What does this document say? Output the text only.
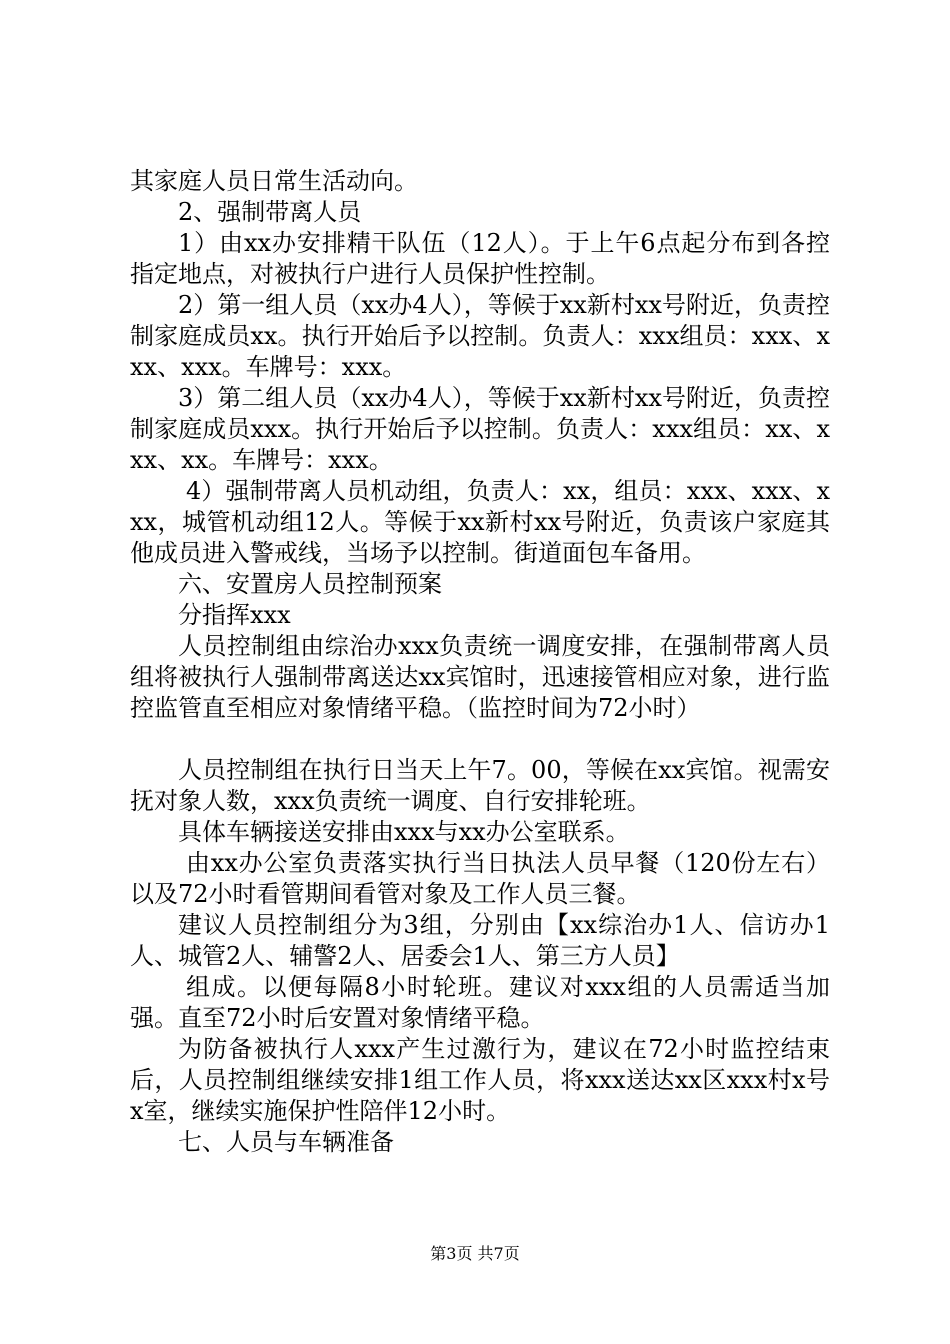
其家庭人员日常生活动向。

2、强制带离人员

1）由xx办安排精干队伍（12人）。于上午6点起分布到各控指定地点，对被执行户进行人员保护性控制。

2）第一组人员（xx办4人），等候于xx新村xx号附近，负责控制家庭成员xx。执行开始后予以控制。负责人：xxx组员：xxx、xxx、xxx。车牌号：xxx。

3）第二组人员（xx办4人），等候于xx新村xx号附近，负责控制家庭成员xxx。执行开始后予以控制。负责人：xxx组员：xx、xxx、xx。车牌号：xxx。

4）强制带离人员机动组，负责人：xx，组员：xxx、xxx、xxx，城管机动组12人。等候于xx新村xx号附近，负责该户家庭其他成员进入警戒线，当场予以控制。街道面包车备用。

六、安置房人员控制预案

分指挥xxx

人员控制组由综治办xxx负责统一调度安排，在强制带离人员组将被执行人强制带离送达xx宾馆时，迅速接管相应对象，进行监控监管直至相应对象情绪平稳。（监控时间为72小时）

人员控制组在执行日当天上午7。00，等候在xx宾馆。视需安抚对象人数，xxx负责统一调度、自行安排轮班。

具体车辆接送安排由xxx与xx办公室联系。

由xx办公室负责落实执行当日执法人员早餐（120份左右）以及72小时看管期间看管对象及工作人员三餐。

建议人员控制组分为3组，分别由【xx综治办1人、信访办1人、城管2人、辅警2人、居委会1人、第三方人员】

组成。以便每隔8小时轮班。建议对xxx组的人员需适当加强。直至72小时后安置对象情绪平稳。

为防备被执行人xxx产生过激行为，建议在72小时监控结束后，人员控制组继续安排1组工作人员，将xxx送达xx区xxx村x号x室，继续实施保护性陪伴12小时。

七、人员与车辆准备

第3页 共7页
